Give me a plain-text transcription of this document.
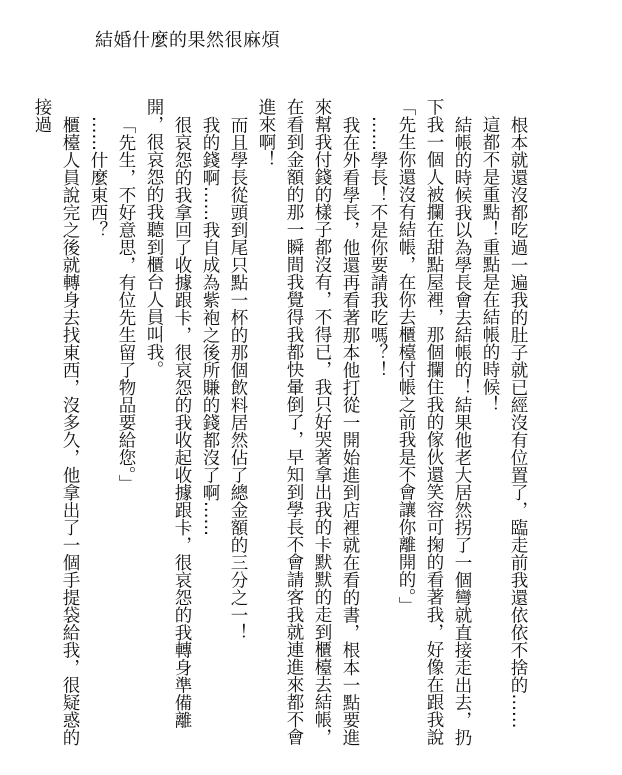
結婚什麼的果然很麻煩

根本就還沒都吃過一遍我的肚子就已經沒有位置了，臨走前我還依依不捨的……

　這都不是重點！重點是在結帳的時候！

結帳的時候我以為學長會去結帳的！結果他老大居然拐了一個彎就直接走出去，扔下我一個人被攔在甜點屋裡，那個攔住我的傢伙還笑容可掬的看著我，好像在跟我說「先生你還沒有結帳，在你去櫃檯付帳之前我是不會讓你離開的。」

……學長！不是你要請我吃嗎？！

我在外看學長，他還再看著那本他打從一開始進到店裡就在看的書，根本一點要進來幫我付錢的樣子都沒有，不得已，我只好哭著拿出我的卡默默的走到櫃檯去結帳，在看到金額的那一瞬間我覺得我都快暈倒了，早知到學長不會請客我就連進來都不會進來啊！

而且學長從頭到尾只點一杯的那個飲料居然佔了總金額的三分之一！

我的錢啊……我自成為紫袍之後所賺的錢都沒了啊……

很哀怨的我拿回了收據跟卡，很哀怨的我收起收據跟卡，很哀怨的我轉身準備離開，很哀怨的我聽到櫃台人員叫我。

「先生，不好意思，有位先生留了物品要給您。」

……什麼東西？

櫃檯人員說完之後就轉身去找東西，沒多久，他拿出了一個手提袋給我，很疑惑的接過
